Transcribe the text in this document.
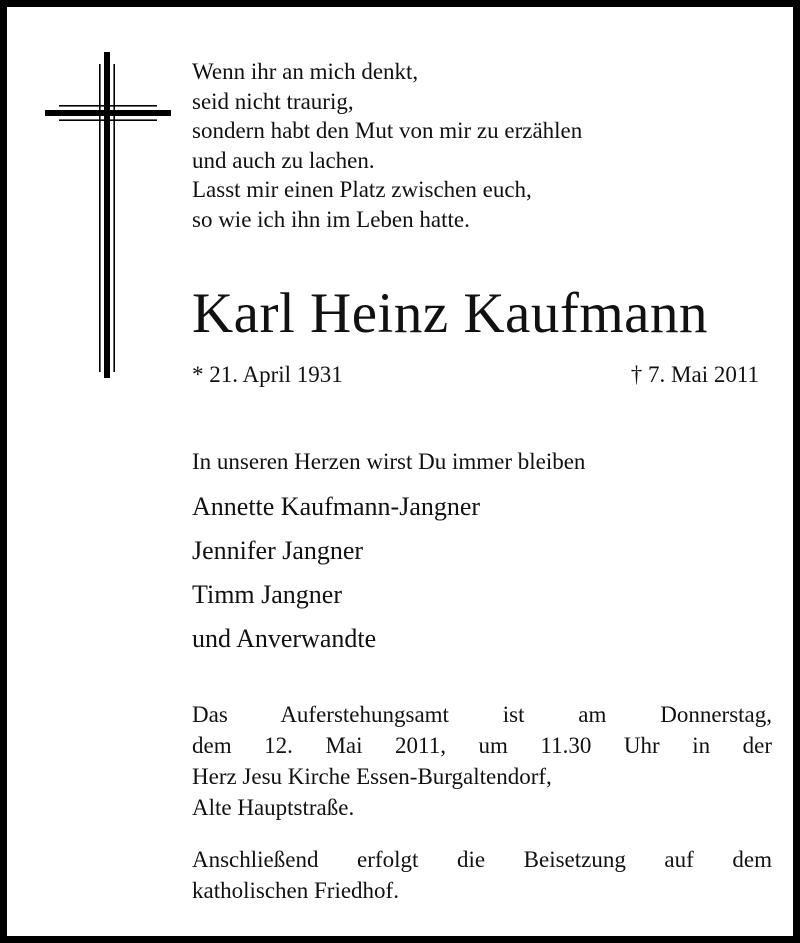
Wenn ihr an mich denkt,
seid nicht traurig,
sondern habt den Mut von mir zu erzählen
und auch zu lachen.
Lasst mir einen Platz zwischen euch,
so wie ich ihn im Leben hatte.
Karl Heinz Kaufmann
* 21. April 1931	† 7. Mai 2011
In unseren Herzen wirst Du immer bleiben
Annette Kaufmann-Jangner
Jennifer Jangner
Timm Jangner
und Anverwandte
Das Auferstehungsamt ist am Donnerstag,
dem 12. Mai 2011, um 11.30 Uhr in der
Herz Jesu Kirche Essen-Burgaltendorf,
Alte Hauptstraße.
Anschließend erfolgt die Beisetzung auf dem
katholischen Friedhof.
